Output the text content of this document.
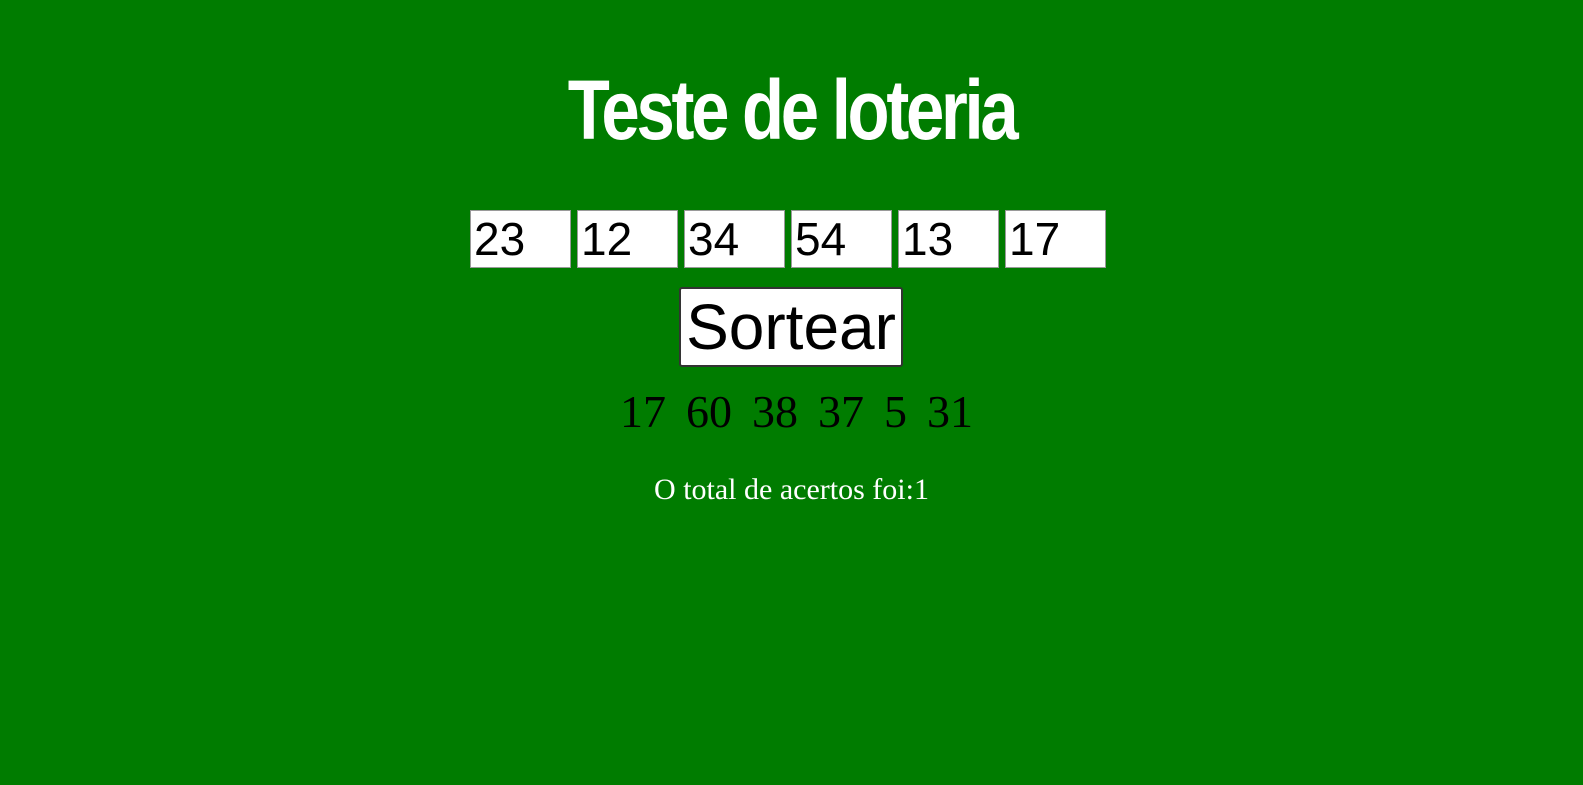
Teste de loteria
23
12
34
54
13
17
Sortear
17 60 38 37 5 31
O total de acertos foi:1
